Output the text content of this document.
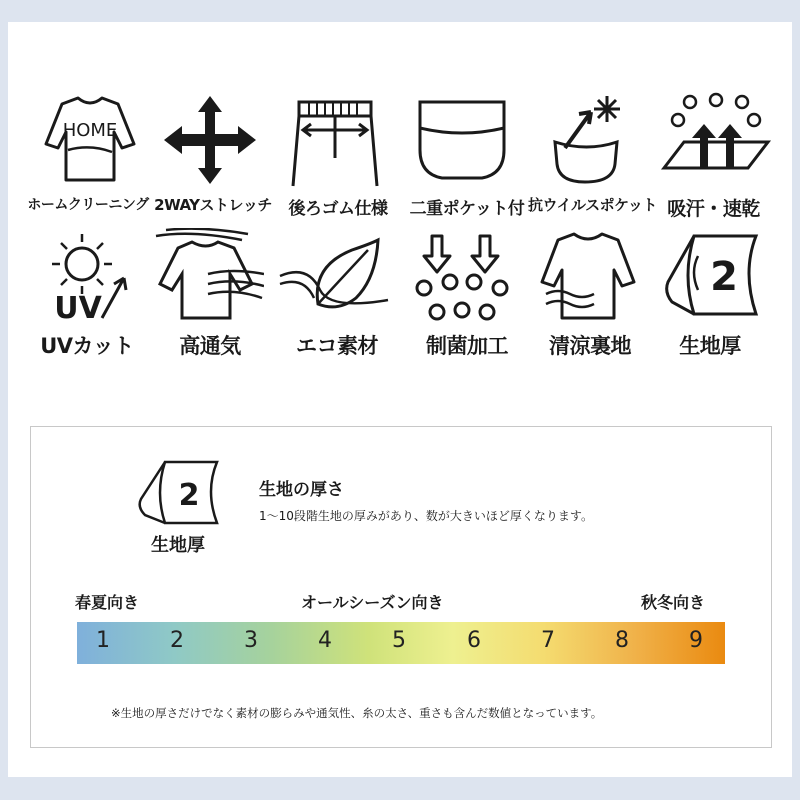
HOME
ホームクリーニング 2WAYストレッチ 後ろゴム仕様	二重ポケット付 抗ウイルスポケット 吸汗・速乾
UV
2
UVカット	高通気	エコ素材	制菌加工	清涼裏地	生地厚
2
生地厚
生地の厚さ
1～10段階生地の厚みがあり、数が大きいほど厚くなります。
春夏向き	オールシーズン向き	秋冬向き
1	2	3	4	5	6	7	8	9
※生地の厚さだけでなく素材の膨らみや通気性、糸の太さ、重さも含んだ数値となっています。
